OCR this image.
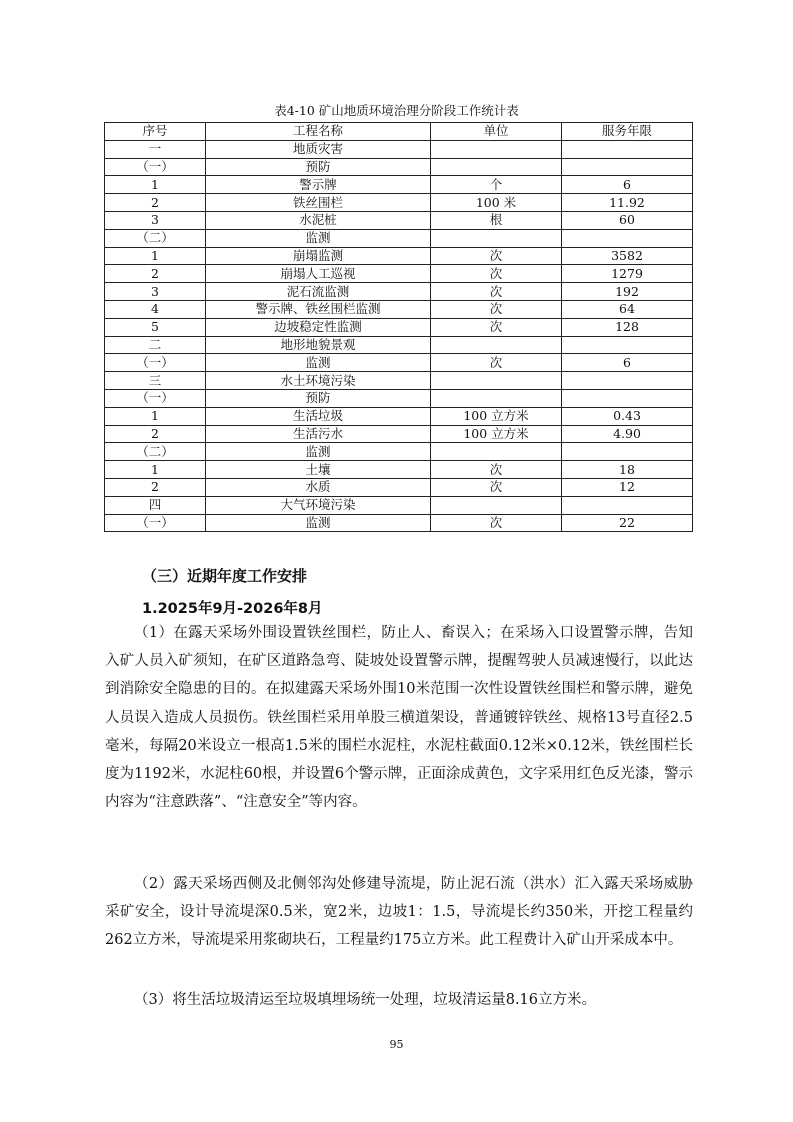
表4-10 矿山地质环境治理分阶段工作统计表
序号	工程名称	单位	服务年限
一	地质灾害		
（一）	预防		
1	警示牌	个	6
2	铁丝围栏	100 米	11.92
3	水泥桩	根	60
（二）	监测		
1	崩塌监测	次	3582
2	崩塌人工巡视	次	1279
3	泥石流监测	次	192
4	警示牌、铁丝围栏监测	次	64
5	边坡稳定性监测	次	128
二	地形地貌景观		
（一）	监测	次	6
三	水土环境污染		
（一）	预防		
1	生活垃圾	100 立方米	0.43
2	生活污水	100 立方米	4.90
（二）	监测		
1	土壤	次	18
2	水质	次	12
四	大气环境污染		
（一）	监测	次	22
（三）近期年度工作安排
1.2025年9月-2026年8月

（1）在露天采场外围设置铁丝围栏，防止人、畜误入；在采场入口设置警示牌，告知入矿人员入矿须知，在矿区道路急弯、陡坡处设置警示牌，提醒驾驶人员减速慢行，以此达到消除安全隐患的目的。在拟建露天采场外围10米范围一次性设置铁丝围栏和警示牌，避免人员误入造成人员损伤。铁丝围栏采用单股三横道架设，普通镀锌铁丝、规格13号直径2.5毫米，每隔20米设立一根高1.5米的围栏水泥柱，水泥柱截面0.12米×0.12米，铁丝围栏长度为1192米，水泥柱60根，并设置6个警示牌，正面涂成黄色，文字采用红色反光漆，警示内容为“注意跌落”、“注意安全”等内容。

（2）露天采场西侧及北侧邻沟处修建导流堤，防止泥石流（洪水）汇入露天采场威胁采矿安全，设计导流堤深0.5米，宽2米，边坡1：1.5，导流堤长约350米，开挖工程量约262立方米，导流堤采用浆砌块石，工程量约175立方米。此工程费计入矿山开采成本中。

（3）将生活垃圾清运至垃圾填埋场统一处理，垃圾清运量8.16立方米。

95
